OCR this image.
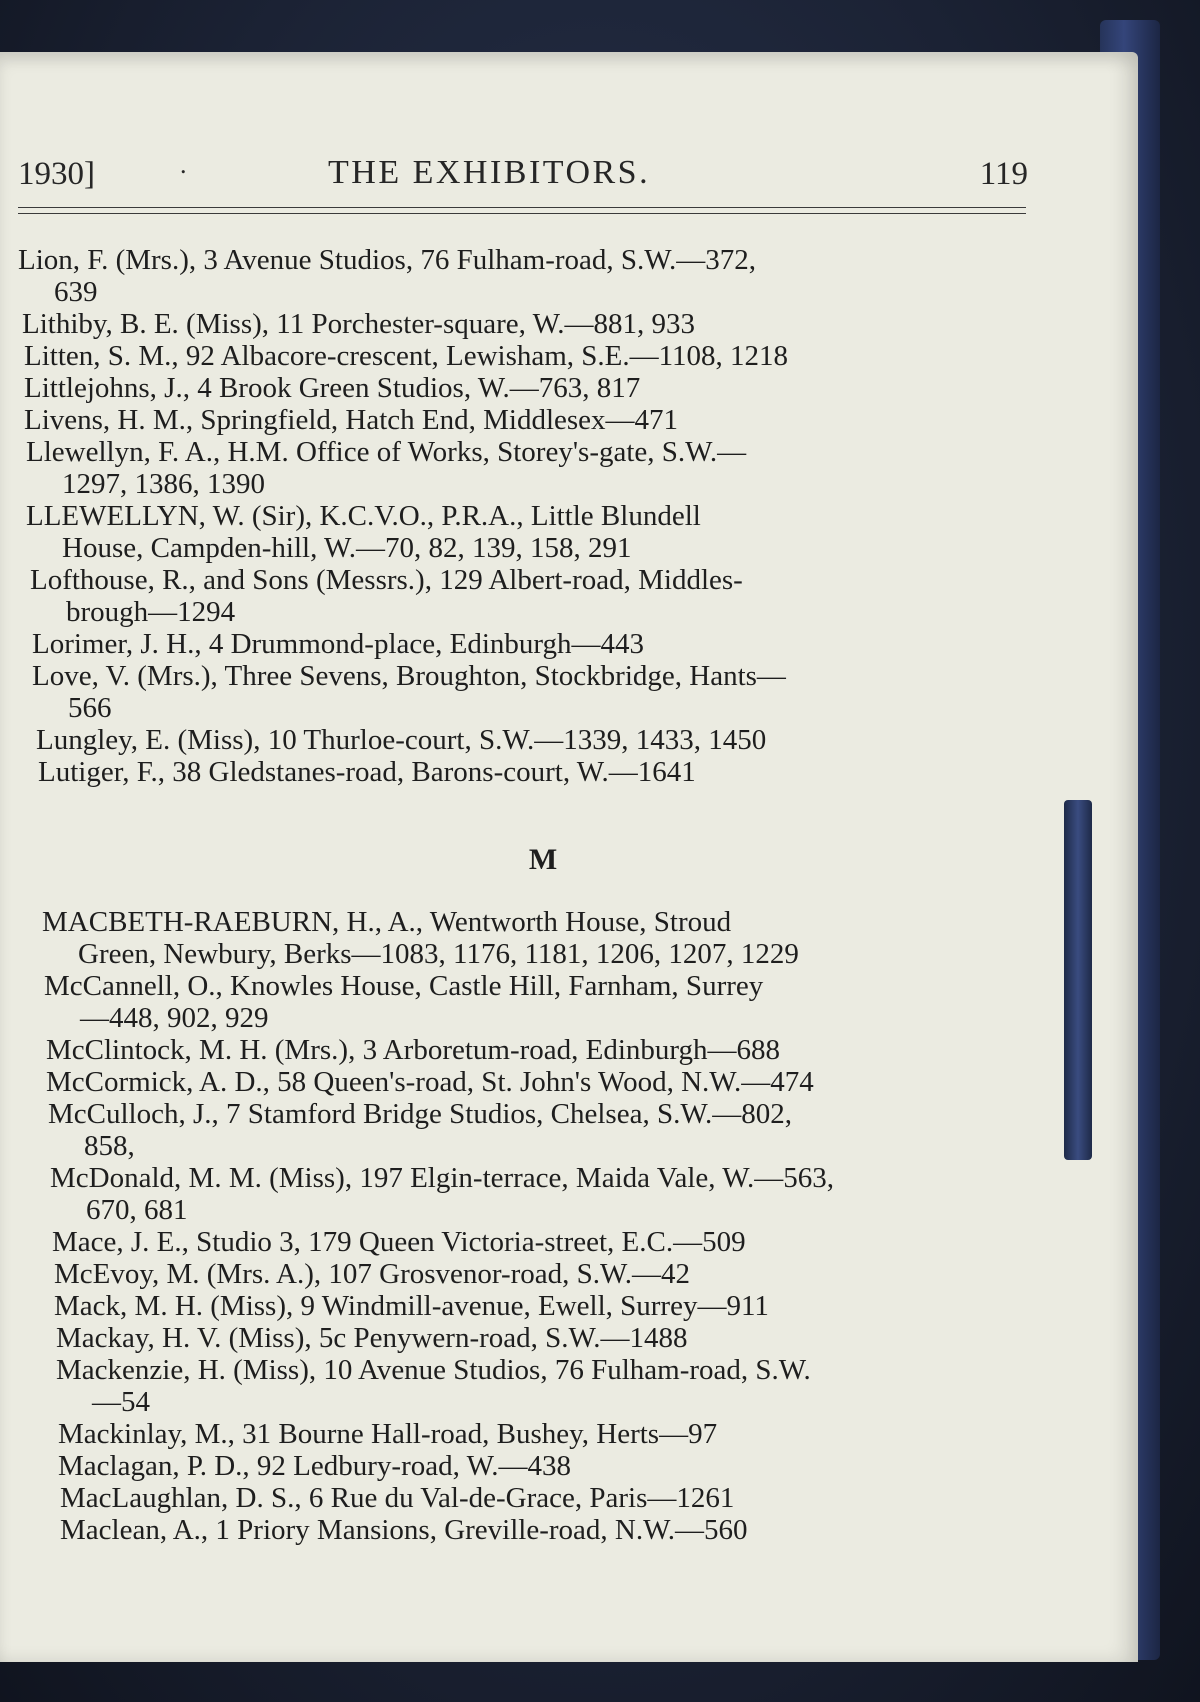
1930]	.	THE EXHIBITORS.	119
Lion, F. (Mrs.), 3 Avenue Studios, 76 Fulham-road, S.W.—372,
639
Lithiby, B. E. (Miss), 11 Porchester-square, W.—881, 933
Litten, S. M., 92 Albacore-crescent, Lewisham, S.E.—1108, 1218
Littlejohns, J., 4 Brook Green Studios, W.—763, 817
Livens, H. M., Springfield, Hatch End, Middlesex—471
Llewellyn, F. A., H.M. Office of Works, Storey's-gate, S.W.—
1297, 1386, 1390
LLEWELLYN, W. (Sir), K.C.V.O., P.R.A., Little Blundell
House, Campden-hill, W.—70, 82, 139, 158, 291
Lofthouse, R., and Sons (Messrs.), 129 Albert-road, Middles-
brough—1294
Lorimer, J. H., 4 Drummond-place, Edinburgh—443
Love, V. (Mrs.), Three Sevens, Broughton, Stockbridge, Hants—
566
Lungley, E. (Miss), 10 Thurloe-court, S.W.—1339, 1433, 1450
Lutiger, F., 38 Gledstanes-road, Barons-court, W.—1641
M
MACBETH-RAEBURN, H., A., Wentworth House, Stroud
Green, Newbury, Berks—1083, 1176, 1181, 1206, 1207, 1229
McCannell, O., Knowles House, Castle Hill, Farnham, Surrey
—448, 902, 929
McClintock, M. H. (Mrs.), 3 Arboretum-road, Edinburgh—688
McCormick, A. D., 58 Queen's-road, St. John's Wood, N.W.—474
McCulloch, J., 7 Stamford Bridge Studios, Chelsea, S.W.—802,
858,
McDonald, M. M. (Miss), 197 Elgin-terrace, Maida Vale, W.—563,
670, 681
Mace, J. E., Studio 3, 179 Queen Victoria-street, E.C.—509
McEvoy, M. (Mrs. A.), 107 Grosvenor-road, S.W.—42
Mack, M. H. (Miss), 9 Windmill-avenue, Ewell, Surrey—911
Mackay, H. V. (Miss), 5c Penywern-road, S.W.—1488
Mackenzie, H. (Miss), 10 Avenue Studios, 76 Fulham-road, S.W.
—54
Mackinlay, M., 31 Bourne Hall-road, Bushey, Herts—97
Maclagan, P. D., 92 Ledbury-road, W.—438
MacLaughlan, D. S., 6 Rue du Val-de-Grace, Paris—1261
Maclean, A., 1 Priory Mansions, Greville-road, N.W.—560
